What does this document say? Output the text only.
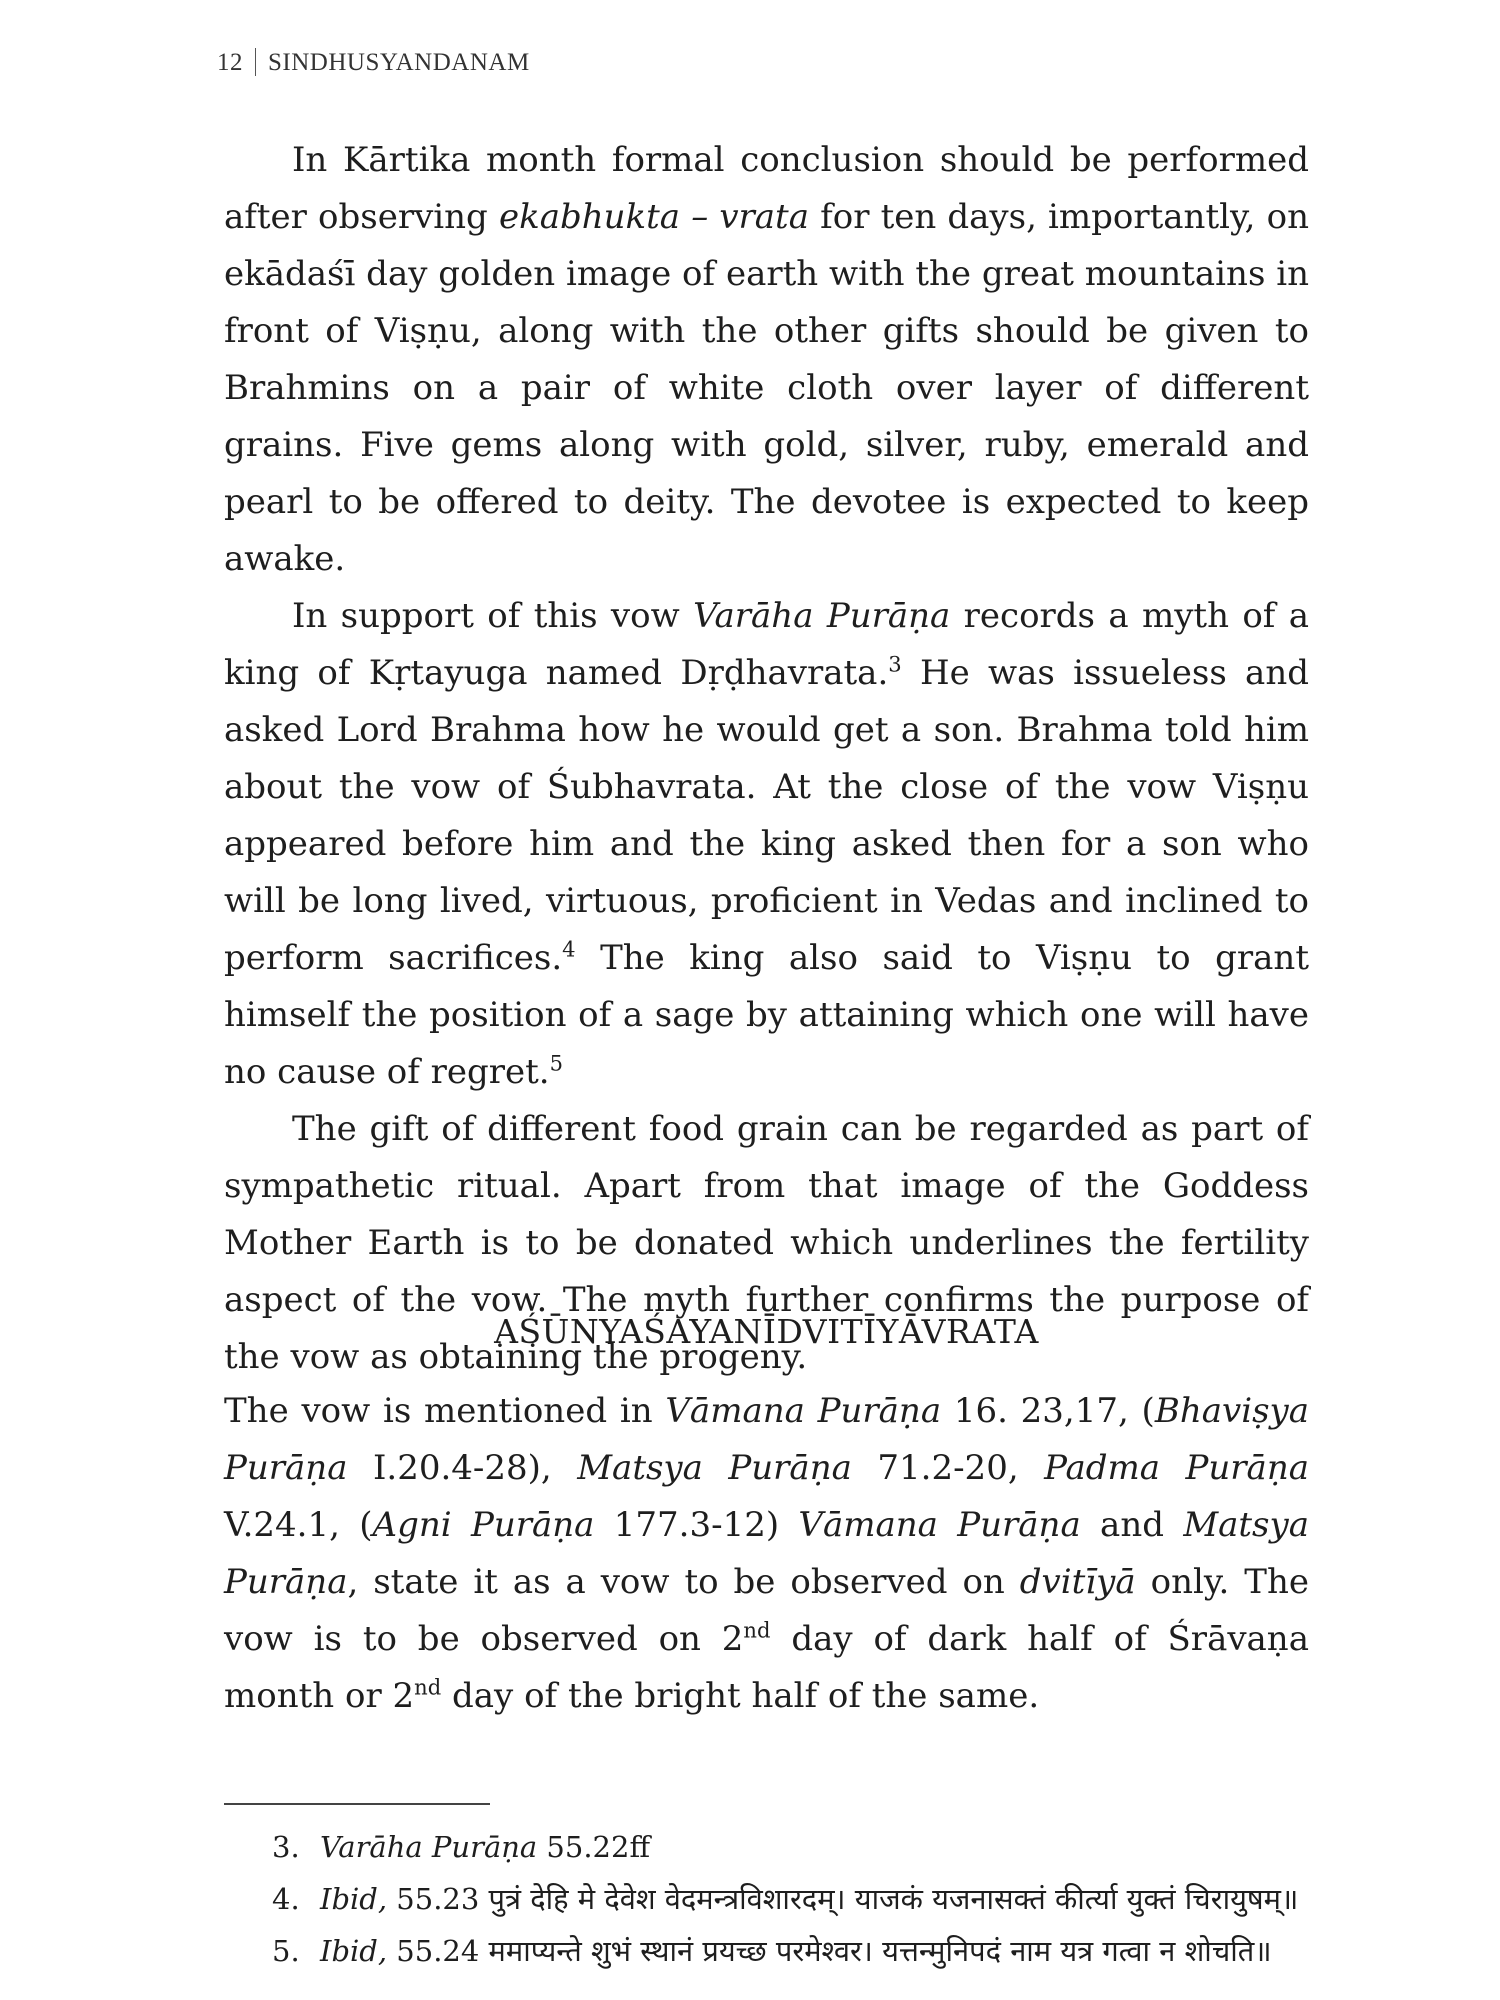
12 SINDHUSYANDANAM

In Kārtika month formal conclusion should be performed after observing ekabhukta – vrata for ten days, importantly, on ekādaśī day golden image of earth with the great mountains in front of Viṣṇu, along with the other gifts should be given to Brahmins on a pair of white cloth over layer of different grains. Five gems along with gold, silver, ruby, emerald and pearl to be offered to deity. The devotee is expected to keep awake.

In support of this vow Varāha Purāṇa records a myth of a king of Kṛtayuga named Dṛḍhavrata.$^3$ He was issueless and asked Lord Brahma how he would get a son. Brahma told him about the vow of Śubhavrata. At the close of the vow Viṣṇu appeared before him and the king asked then for a son who will be long lived, virtuous, proficient in Vedas and inclined to perform sacrifices.$^4$ The king also said to Viṣṇu to grant himself the position of a sage by attaining which one will have no cause of regret.$^5$

The gift of different food grain can be regarded as part of sympathetic ritual. Apart from that image of the Goddess Mother Earth is to be donated which underlines the fertility aspect of the vow. The myth further confirms the purpose of the vow as obtaining the progeny.

AŚŪNYAŚAYANĪDVITĪYĀVRATA

The vow is mentioned in Vāmana Purāṇa 16. 23,17, (Bhaviṣya Purāṇa I.20.4-28), Matsya Purāṇa 71.2-20, Padma Purāṇa V.24.1, (Agni Purāṇa 177.3-12) Vāmana Purāṇa and Matsya Purāṇa, state it as a vow to be observed on dvitīyā only. The vow is to be observed on 2nd day of dark half of Śrāvaṇa month or 2nd day of the bright half of the same.

3. Varāha Purāṇa 55.22ff
4. Ibid, 55.23 पुत्रं देहि मे देवेश वेदमन्त्रविशारदम्। याजकं यजनासक्तं कीर्त्या युक्तं चिरायुषम्॥
5. Ibid, 55.24 ममाप्यन्ते शुभं स्थानं प्रयच्छ परमेश्वर। यत्तन्मुनिपदं नाम यत्र गत्वा न शोचति॥
